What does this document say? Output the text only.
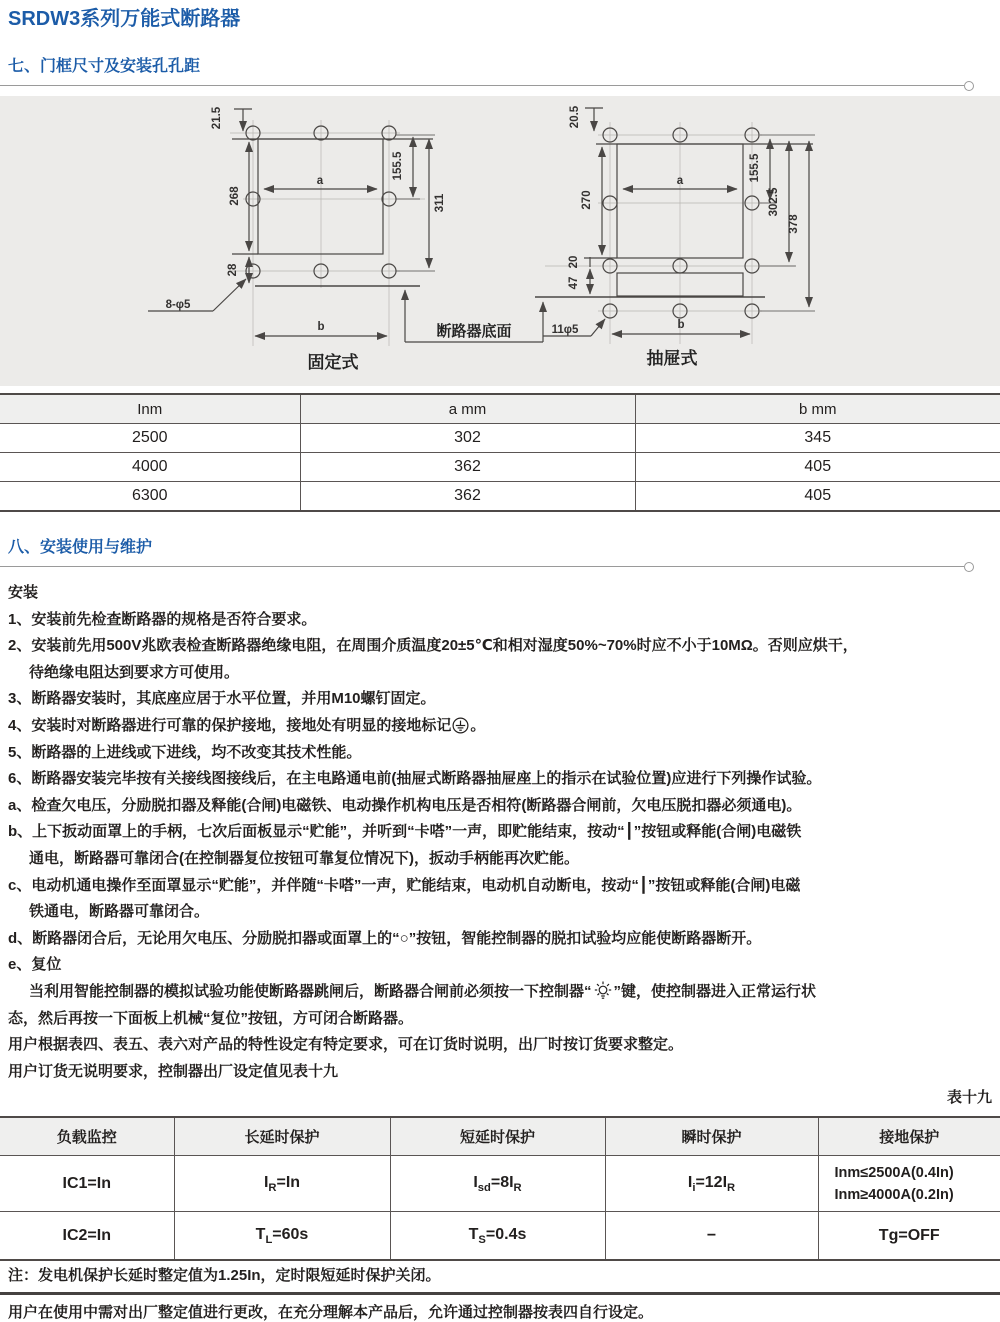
SRDW3系列万能式断路器
七、门框尺寸及安装孔孔距
21.5
268
28
a
155.5
311
b
8-φ5
固定式
断路器底面
20.5
270
20
47
a	155.5
302.5
378
b
11φ5
抽屉式
Inm	a mm	b mm
2500	302	345
4000	362	405
6300	362	405
八、安装使用与维护
安装
1、安装前先检查断路器的规格是否符合要求。
2、安装前先用500V兆欧表检查断路器绝缘电阻，在周围介质温度20±5℃和相对湿度50%~70%时应不小于10MΩ。否则应烘干，
待绝缘电阻达到要求方可使用。
3、断路器安装时，其底座应居于水平位置，并用M10螺钉固定。
4、安装时对断路器进行可靠的保护接地，接地处有明显的接地标记 。
5、断路器的上进线或下进线，均不改变其技术性能。
6、断路器安装完毕按有关接线图接线后，在主电路通电前(抽屉式断路器抽屉座上的指示在试验位置)应进行下列操作试验。
a、检查欠电压，分励脱扣器及释能(合闸)电磁铁、电动操作机构电压是否相符(断路器合闸前，欠电压脱扣器必须通电)。
b、上下扳动面罩上的手柄，七次后面板显示“贮能”，并听到“卡嗒”一声，即贮能结束，按动“┃”按钮或释能(合闸)电磁铁
通电，断路器可靠闭合(在控制器复位按钮可靠复位情况下)，扳动手柄能再次贮能。
c、电动机通电操作至面罩显示“贮能”，并伴随“卡嗒”一声，贮能结束，电动机自动断电，按动“┃”按钮或释能(合闸)电磁
铁通电，断路器可靠闭合。
d、断路器闭合后，无论用欠电压、分励脱扣器或面罩上的“○”按钮，智能控制器的脱扣试验均应能使断路器断开。
e、复位
当利用智能控制器的模拟试验功能使断路器跳闸后，断路器合闸前必须按一下控制器“ ”键，使控制器进入正常运行状
态，然后再按一下面板上机械“复位”按钮，方可闭合断路器。
用户根据表四、表五、表六对产品的特性设定有特定要求，可在订货时说明，出厂时按订货要求整定。
用户订货无说明要求，控制器出厂设定值见表十九
表十九
负载监控	长延时保护	短延时保护	瞬时保护	接地保护
IC1=In	$I_R=In$	$I_{sd}=8I_R$	$I_i=12I_R$	Inm≤2500A(0.4In)
Inm≥4000A(0.2In)
IC2=In	$T_L=60s$	$T_S=0.4s$	−	Tg=OFF
注：发电机保护长延时整定值为1.25In，定时限短延时保护关闭。
用户在使用中需对出厂整定值进行更改，在充分理解本产品后，允许通过控制器按表四自行设定。
